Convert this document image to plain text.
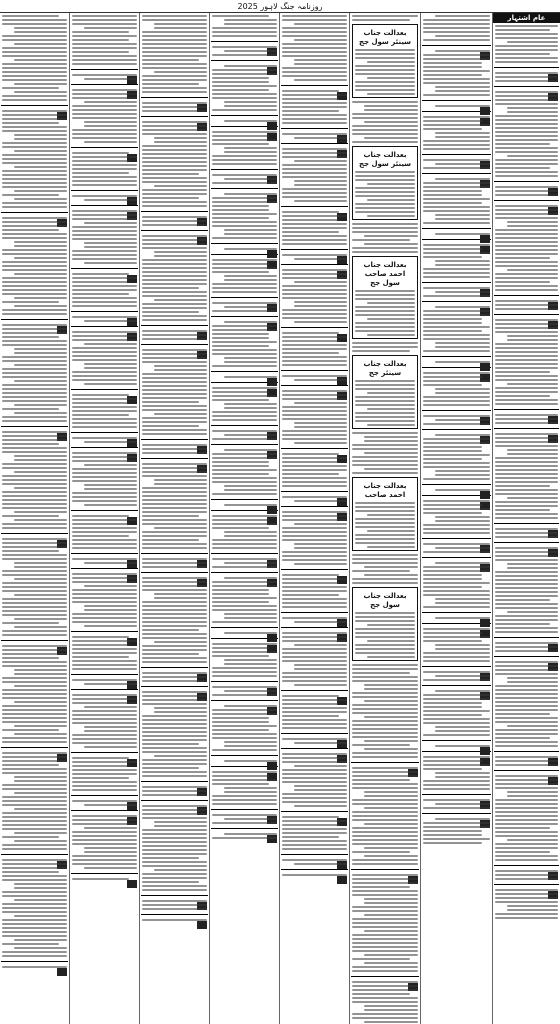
روزنامہ جنگ لاہور 2025

بعدالت جناب سینئر سول جج
بعدالت جناب سینئر سول جج
بعدالت جناب احمد صاحب سول جج
بعدالت جناب سینئر جج
بعدالت جناب احمد صاحب
بعدالت جناب سول جج

عام اشتہار
